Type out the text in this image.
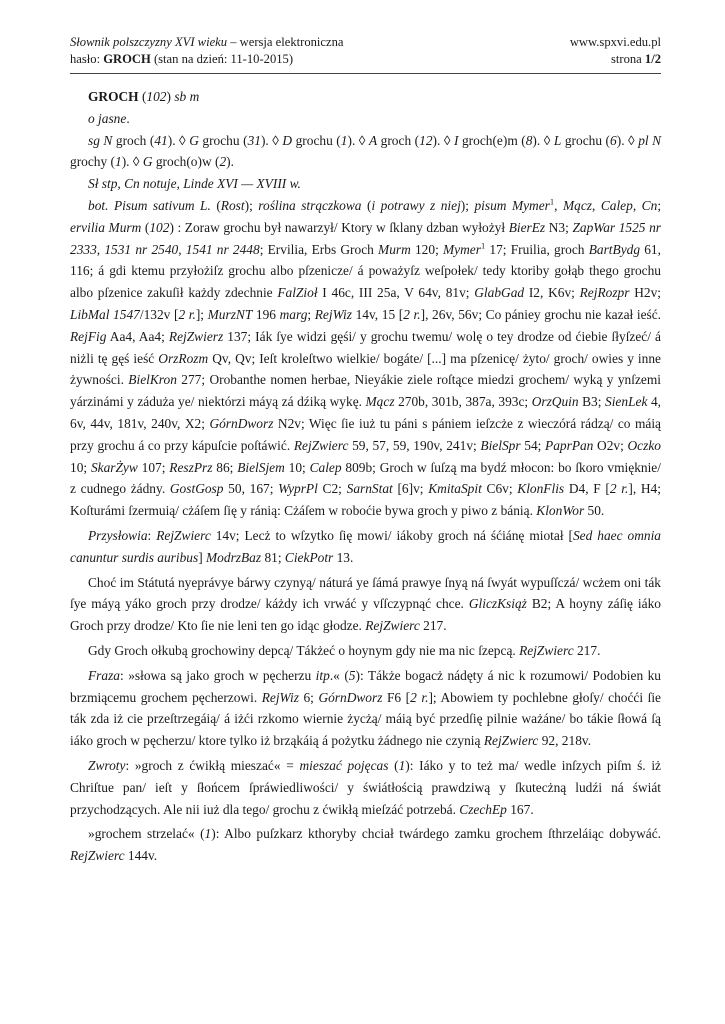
Słownik polszczyzny XVI wieku – wersja elektroniczna	www.spxvi.edu.pl
hasło: GROCH (stan na dzień: 11-10-2015)	strona 1/2

GROCH (102) sb m

o jasne.

sg N groch (41). ◊ G grochu (31). ◊ D grochu (1). ◊ A groch (12). ◊ I groch(e)m (8). ◊ L grochu (6). ◊ pl N grochy (1). ◊ G groch(o)w (2).

Sł stp, Cn notuje, Linde XVI — XVIII w.

bot. Pisum sativum L. (Rost); roślina strączkowa (i potrawy z niej); pisum Mymer$^1$, Mącz, Calep, Cn; ervilia Murm (102) : Zoraw grochu był nawarzył/ Ktory w ſklany dzban wyłożył BierEz N3; ZapWar 1525 nr 2333, 1531 nr 2540, 1541 nr 2448; Ervilia, Erbs Groch Murm 120; Mymer$^1$ 17; Fruilia, groch BartBydg 61, 116; á gdi ktemu przyłożiſz grochu albo pſzenicze/ á poważyſz weſpołek/ tedy ktoriby gołąb thego grochu albo pſzenice zakuſił każdy zdechnie FalZioł I 46c, III 25a, V 64v, 81v; GlabGad I2, K6v; RejRozpr H2v; LibMal 1547/132v [2 r.]; MurzNT 196 marg; RejWiz 14v, 15 [2 r.], 26v, 56v; Co pániey grochu nie kazał ieść. RejFig Aa4, Aa4; RejZwierz 137; Iák ſye widzi gęśi/ y grochu twemu/ wolę o tey drodze od ćiebie ſłyſzeć/ á niżli tę gęś ieść OrzRozm Qv, Qv; Ieſt kroleſtwo wielkie/ bogáte/ [...] ma pſzenicę/ żyto/ groch/ owies y inne żywności. BielKron 277; Orobanthe nomen herbae, Nieyákie ziele roſtące miedzi grochem/ wyką y ynſzemi yárzinámi y záduża ye/ niektórzi máyą zá dźiką wykę. Mącz 270b, 301b, 387a, 393c; OrzQuin B3; SienLek 4, 6v, 44v, 181v, 240v, X2; GórnDworz N2v; Więc ſie iuż tu páni s pániem ieſzcże z wieczórá rádzą/ co máią przy grochu á co przy kápuſcie poſtáwić. RejZwierc 59, 57, 59, 190v, 241v; BielSpr 54; PaprPan O2v; Oczko 10; SkarŻyw 107; ReszPrz 86; BielSjem 10; Calep 809b; Groch w ſuſzą ma bydź młocon: bo ſkoro vmięknie/ z cudnego żádny. GostGosp 50, 167; WyprPl C2; SarnStat [6]v; KmitaSpit C6v; KlonFlis D4, F [2 r.], H4; Koſturámi ſzermuią/ cżáſem ſię y ránią: Cżáſem w roboćie bywa groch y piwo z bánią. KlonWor 50.

Przysłowia: RejZwierc 14v; Lecż to wſzytko ſię mowi/ iákoby groch ná śćiánę miotał [Sed haec omnia canuntur surdis auribus] ModrzBaz 81; CiekPotr 13.

Choć im Státutá nyeprávye bárwy czynyą/ náturá ye ſámá prawye ſnyą ná ſwyát wypuſſczá/ wcżem oni ták ſye máyą yáko groch przy drodze/ káżdy ich vrwáć y vſſczypnąć chce. GliczKsiąż B2; A hoyny záſię iáko Groch przy drodze/ Kto ſie nie leni ten go idąc głodze. RejZwierc 217.

Gdy Groch ołkubą grochowiny depcą/ Tákżeć o hoynym gdy nie ma nic ſzepcą. RejZwierc 217.

Fraza: »słowa są jako groch w pęcherzu itp.« (5): Tákże bogacż nádęty á nic k rozumowi/ Podobien ku brzmiącemu grochem pęcherzowi. RejWiz 6; GórnDworz F6 [2 r.]; Abowiem ty pochlebne głoſy/ choćći ſie ták zda iż cie przeſtrzegáią/ á iżći rzkomo wiernie życżą/ máią być przedſię pilnie ważáne/ bo tákie ſłowá ſą iáko groch w pęcherzu/ ktore tylko iż brząkáią á pożytku żádnego nie czynią RejZwierc 92, 218v.

Zwroty: »groch z ćwikłą mieszać« = mieszać pojęcas (1): Iáko y to też ma/ wedle inſzych piſm ś. iż Chriſtue pan/ ieſt y ſłońcem ſpráwiedliwości/ y świátłością prawdziwą y ſkutecżną ludźi ná świát przychodzących. Ale nii iuż dla tego/ grochu z ćwikłą mieſzáć potrzebá. CzechEp 167.

»grochem strzelać« (1): Albo puſzkarz kthoryby chciał twárdego zamku grochem ſthrzeláiąc dobywáć. RejZwierc 144v.
